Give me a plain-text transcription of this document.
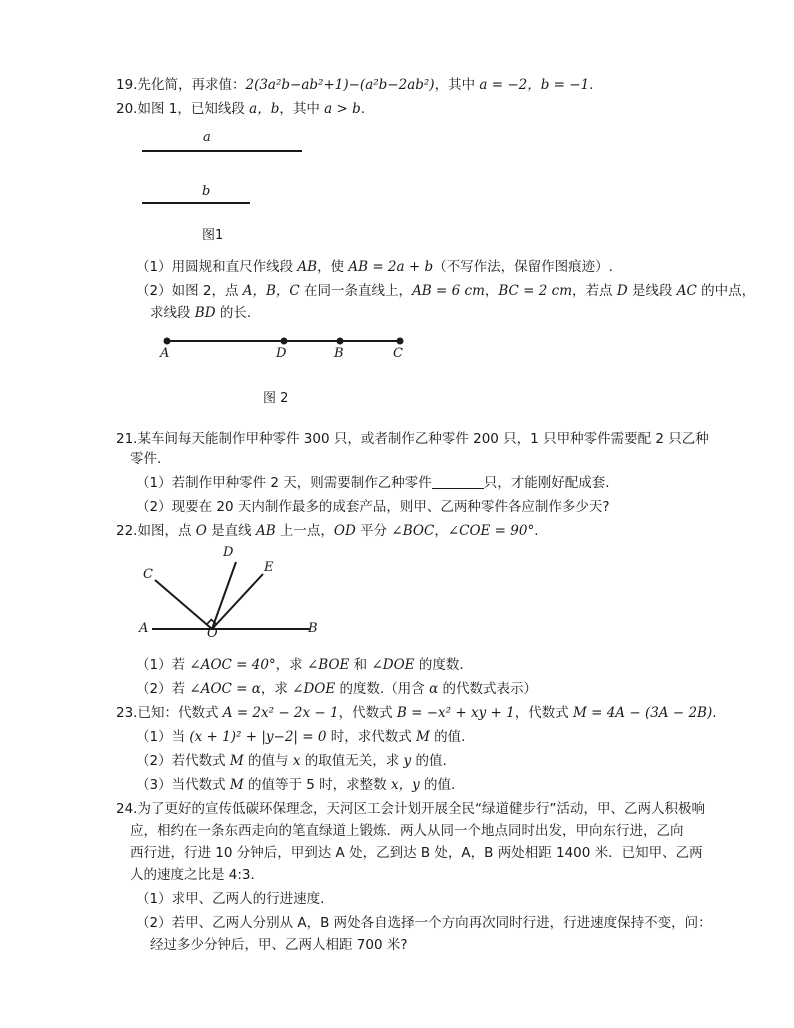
19.先化简，再求值：2(3a²b−ab²+1)−(a²b−2ab²)，其中 a = −2，b = −1.
20.如图 1，已知线段 a，b，其中 a > b.
a
b
图1
（1）用圆规和直尺作线段 AB，使 AB = 2a + b（不写作法，保留作图痕迹）.
（2）如图 2，点 A，B，C 在同一条直线上，AB = 6 cm，BC = 2 cm，若点 D 是线段 AC 的中点，
求线段 BD 的长.
A	D	B	C
图 2
21.某车间每天能制作甲种零件 300 只，或者制作乙种零件 200 只，1 只甲种零件需要配 2 只乙种
零件.
（1）若制作甲种零件 2 天，则需要制作乙种零件	只，才能刚好配成套.
（2）现要在 20 天内制作最多的成套产品，则甲、乙两种零件各应制作多少天?
22.如图，点 O 是直线 AB 上一点，OD 平分 ∠BOC，∠COE = 90°.
A	B
C
D
E
O
（1）若 ∠AOC = 40°，求 ∠BOE 和 ∠DOE 的度数.
（2）若 ∠AOC = α，求 ∠DOE 的度数.（用含 α 的代数式表示）
23.已知：代数式 A = 2x² − 2x − 1，代数式 B = −x² + xy + 1，代数式 M = 4A − (3A − 2B).
（1）当 (x + 1)² + |y−2| = 0 时，求代数式 M 的值.
（2）若代数式 M 的值与 x 的取值无关，求 y 的值.
（3）当代数式 M 的值等于 5 时，求整数 x，y 的值.
24.为了更好的宣传低碳环保理念，天河区工会计划开展全民“绿道健步行”活动，甲、乙两人积极响
应，相约在一条东西走向的笔直绿道上锻炼．两人从同一个地点同时出发，甲向东行进，乙向
西行进，行进 10 分钟后，甲到达 A 处，乙到达 B 处，A，B 两处相距 1400 米．已知甲、乙两
人的速度之比是 4:3．
（1）求甲、乙两人的行进速度.
（2）若甲、乙两人分别从 A，B 两处各自选择一个方向再次同时行进，行进速度保持不变，问：
经过多少分钟后，甲、乙两人相距 700 米?
